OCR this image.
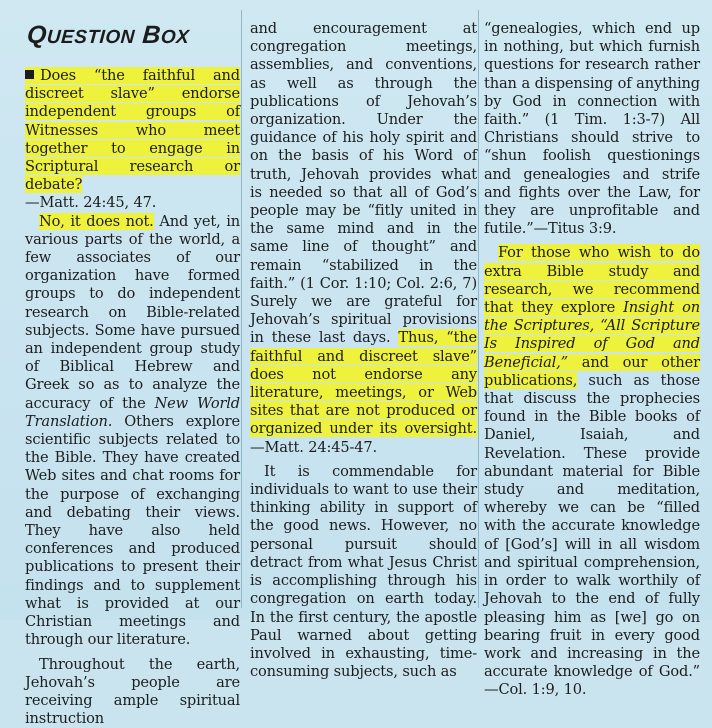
QUESTION BOX

Does “the faithful and discreet slave” endorse independent groups of Witnesses who meet together to engage in Scriptural research or debate?
—Matt. 24:45, 47.

No, it does not. And yet, in various parts of the world, a few associates of our organization have formed groups to do independent research on Bible-related subjects. Some have pursued an independent group study of Biblical Hebrew and Greek so as to analyze the accuracy of the New World Translation. Others explore scientific subjects related to the Bible. They have created Web sites and chat rooms for the purpose of exchanging and debating their views. They have also held conferences and produced publications to present their findings and to supplement what is provided at our Christian meetings and through our literature.

Throughout the earth, Jehovah’s people are receiving ample spiritual instruction

and encouragement at congregation meetings, assemblies, and conventions, as well as through the publications of Jehovah’s organization. Under the guidance of his holy spirit and on the basis of his Word of truth, Jehovah provides what is needed so that all of God’s people may be “fitly united in the same mind and in the same line of thought” and remain “stabilized in the faith.” (1 Cor. 1:10; Col. 2:6, 7) Surely we are grateful for Jehovah’s spiritual provisions in these last days. Thus, “the faithful and discreet slave” does not endorse any literature, meetings, or Web sites that are not produced or organized under its oversight.—Matt. 24:45-47.

It is commendable for individuals to want to use their thinking ability in support of the good news. However, no personal pursuit should detract from what Jesus Christ is accomplishing through his congregation on earth today. In the first century, the apostle Paul warned about getting involved in exhausting, time-consuming subjects, such as

“genealogies, which end up in nothing, but which furnish questions for research rather than a dispensing of anything by God in connection with faith.” (1 Tim. 1:3-7) All Christians should strive to “shun foolish questionings and genealogies and strife and fights over the Law, for they are unprofitable and futile.”—Titus 3:9.

For those who wish to do extra Bible study and research, we recommend that they explore Insight on the Scriptures, “All Scripture Is Inspired of God and Beneficial,” and our other publications, such as those that discuss the prophecies found in the Bible books of Daniel, Isaiah, and Revelation. These provide abundant material for Bible study and meditation, whereby we can be “filled with the accurate knowledge of [God’s] will in all wisdom and spiritual comprehension, in order to walk worthily of Jehovah to the end of fully pleasing him as [we] go on bearing fruit in every good work and increasing in the accurate knowledge of God.” —Col. 1:9, 10.
